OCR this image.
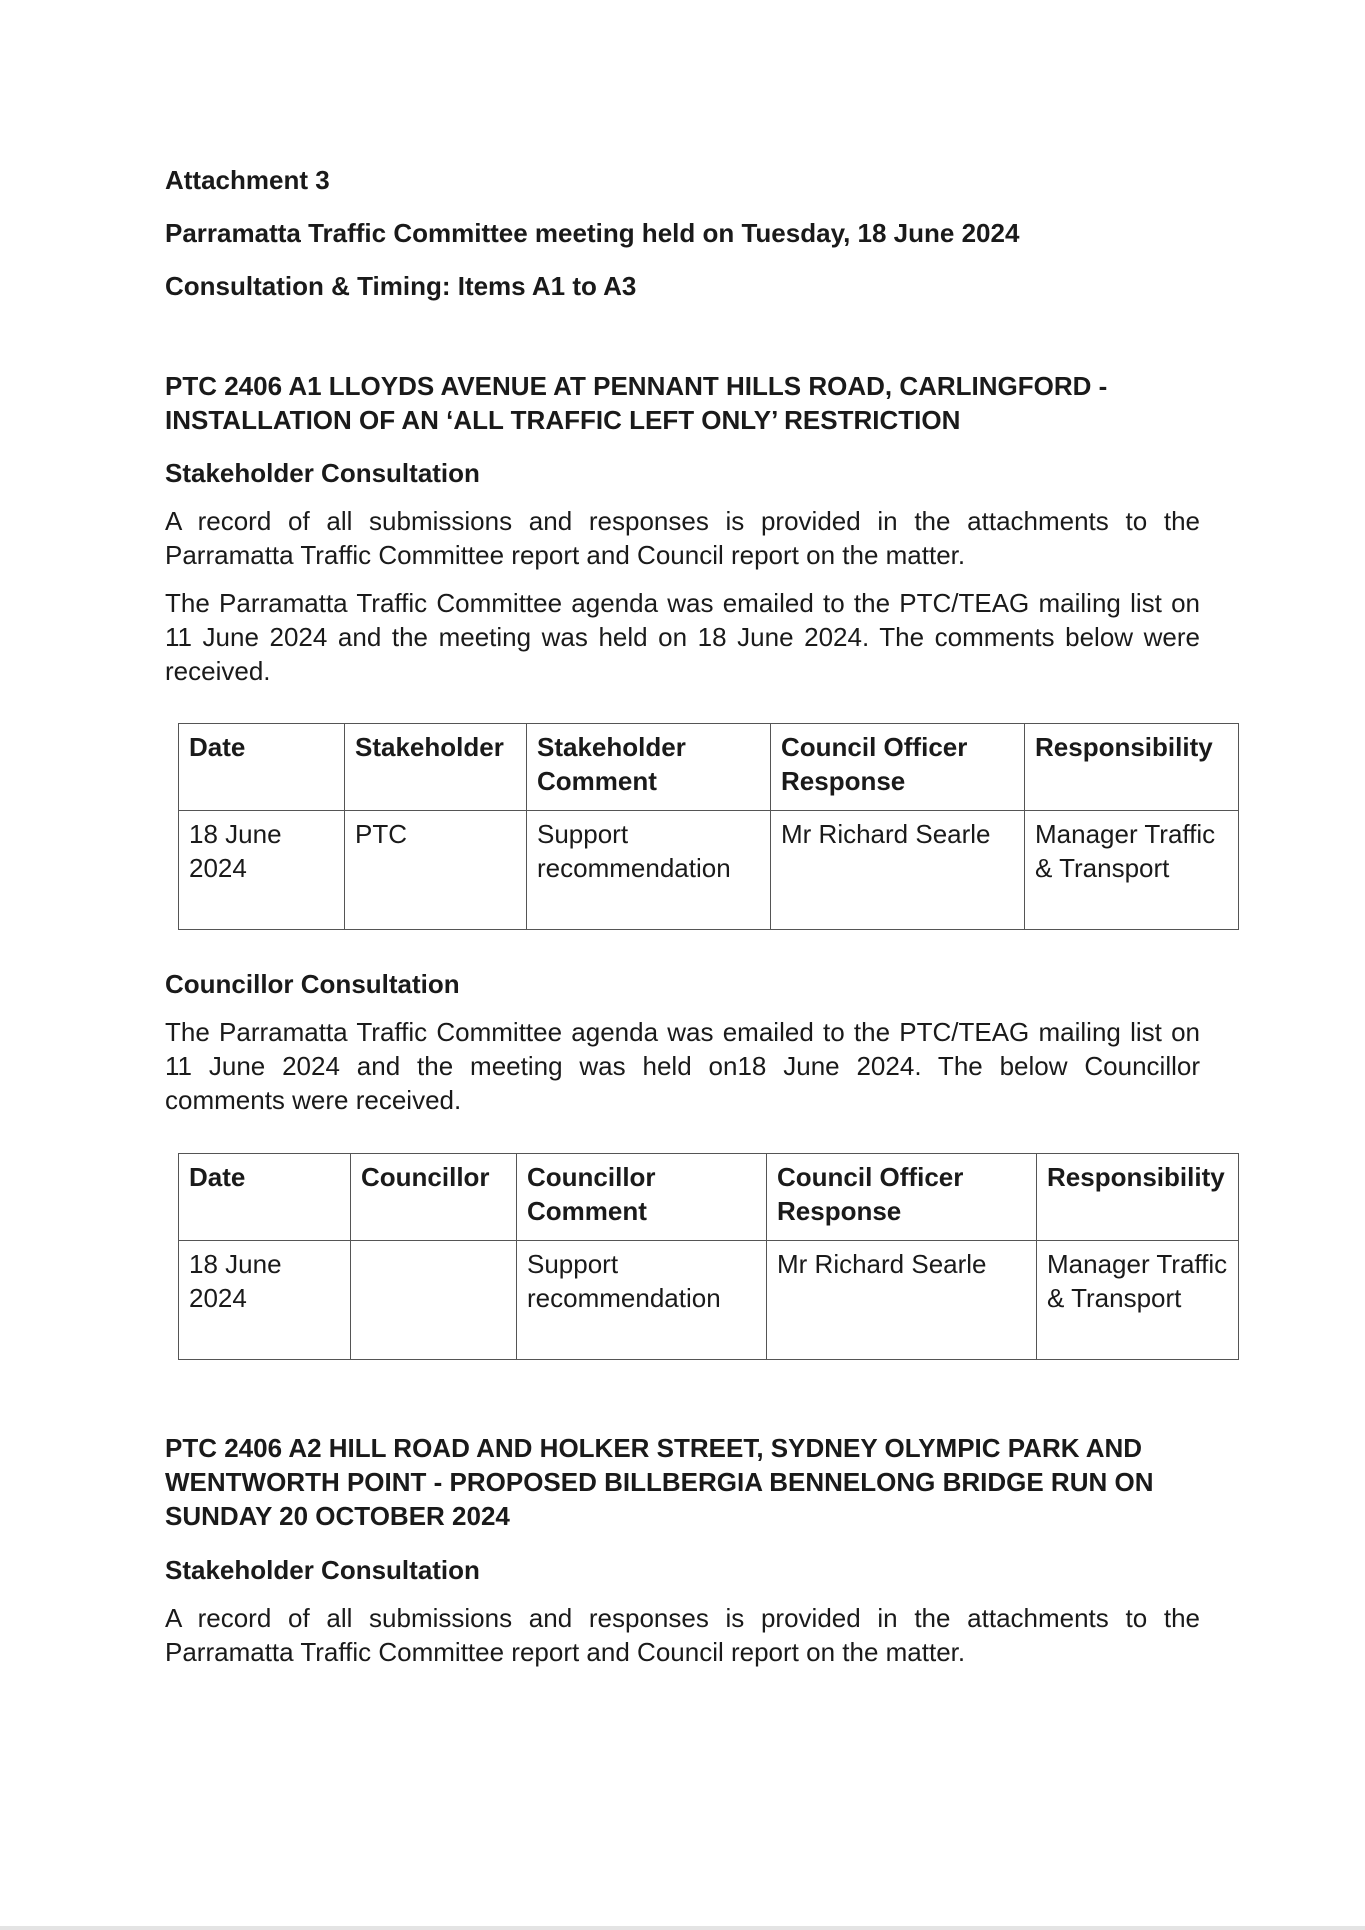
Attachment 3
Parramatta Traffic Committee meeting held on Tuesday, 18 June 2024
Consultation & Timing: Items A1 to A3
PTC 2406 A1 LLOYDS AVENUE AT PENNANT HILLS ROAD, CARLINGFORD - INSTALLATION OF AN ‘ALL TRAFFIC LEFT ONLY’ RESTRICTION
Stakeholder Consultation

A record of all submissions and responses is provided in the attachments to the Parramatta Traffic Committee report and Council report on the matter.

The Parramatta Traffic Committee agenda was emailed to the PTC/TEAG mailing list on 11 June 2024 and the meeting was held on 18 June 2024. The comments below were received.

Date	Stakeholder	Stakeholder Comment	Council Officer Response	Responsibility
18 June 2024	PTC	Support recommendation	Mr Richard Searle	Manager Traffic & Transport
Councillor Consultation

The Parramatta Traffic Committee agenda was emailed to the PTC/TEAG mailing list on 11 June 2024 and the meeting was held on18 June 2024. The below Councillor comments were received.

Date	Councillor	Councillor Comment	Council Officer Response	Responsibility
18 June 2024		Support recommendation	Mr Richard Searle	Manager Traffic & Transport
PTC 2406 A2 HILL ROAD AND HOLKER STREET, SYDNEY OLYMPIC PARK AND WENTWORTH POINT - PROPOSED BILLBERGIA BENNELONG BRIDGE RUN ON SUNDAY 20 OCTOBER 2024
Stakeholder Consultation

A record of all submissions and responses is provided in the attachments to the Parramatta Traffic Committee report and Council report on the matter.
